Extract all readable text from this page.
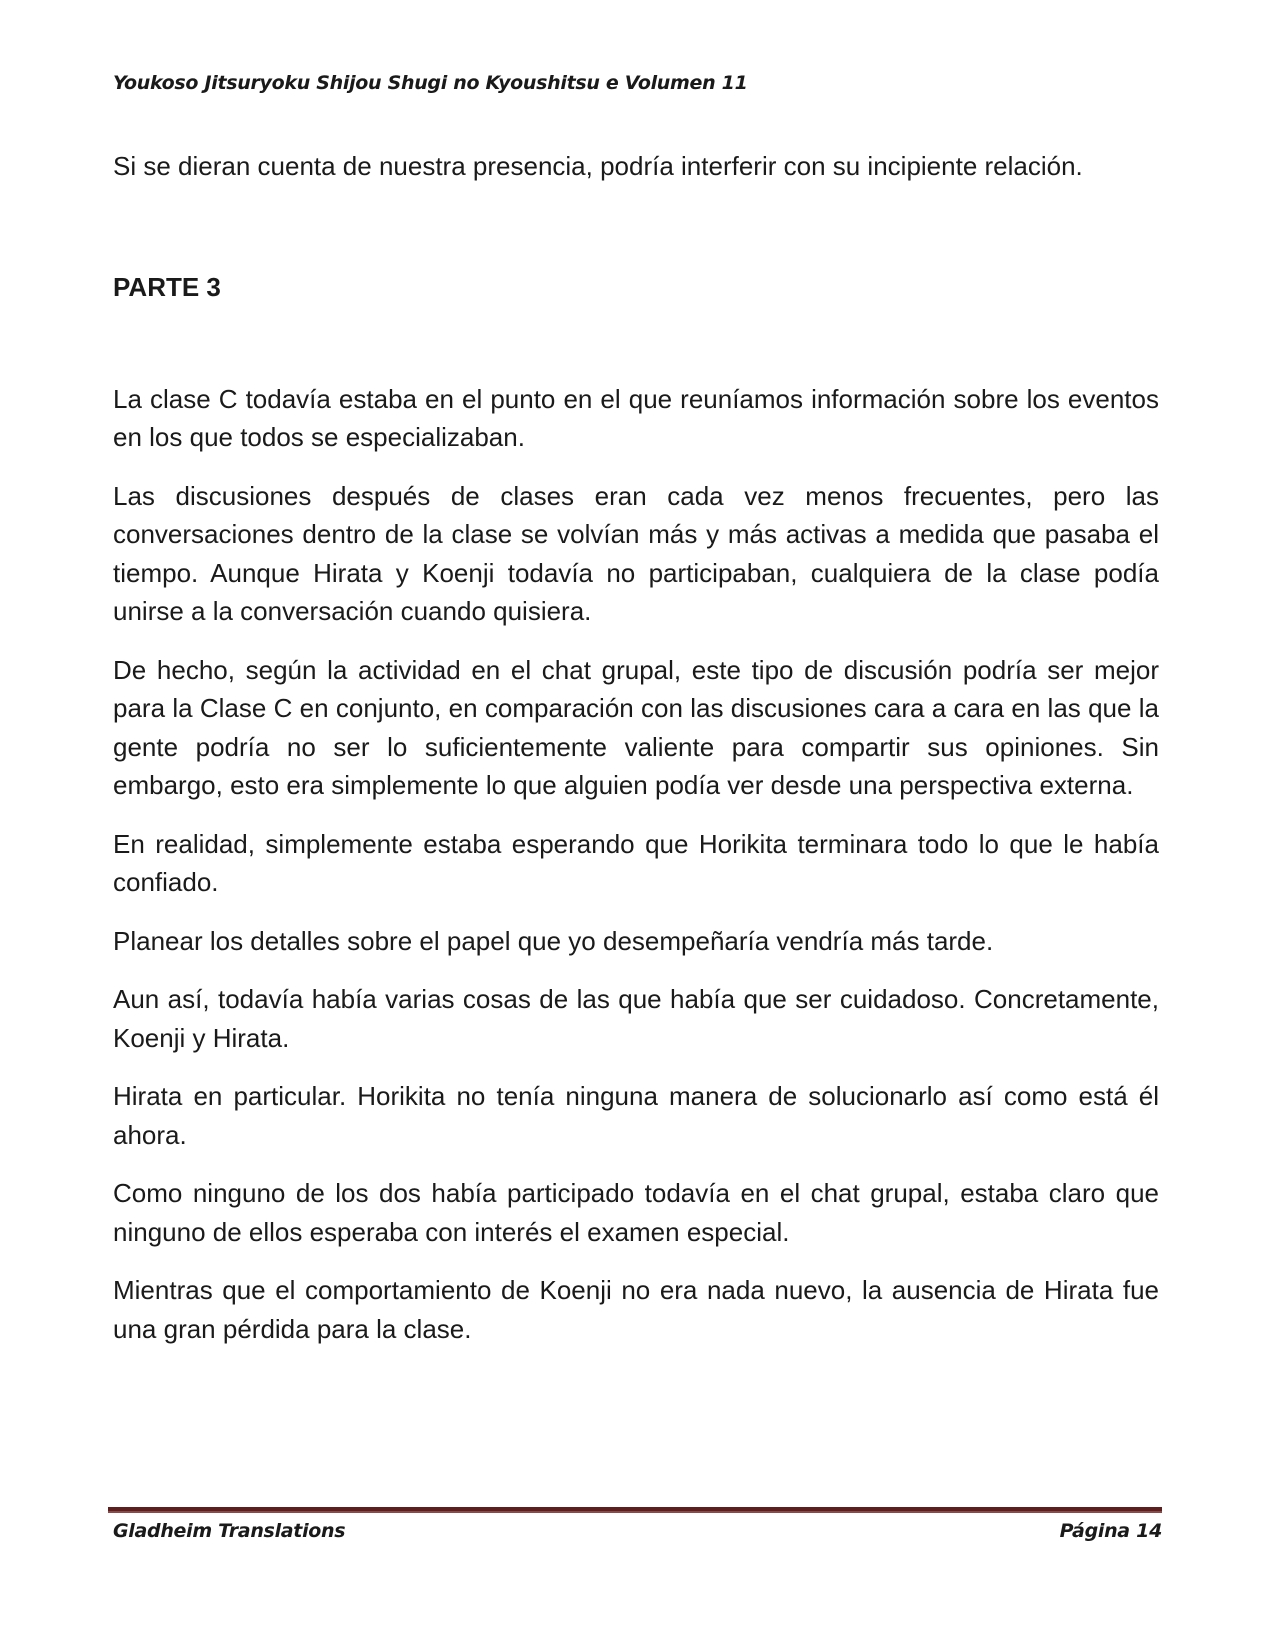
Youkoso Jitsuryoku Shijou Shugi no Kyoushitsu e Volumen 11

Si se dieran cuenta de nuestra presencia, podría interferir con su incipiente relación.

PARTE 3

La clase C todavía estaba en el punto en el que reuníamos información sobre los eventos en los que todos se especializaban.

Las discusiones después de clases eran cada vez menos frecuentes, pero las conversaciones dentro de la clase se volvían más y más activas a medida que pasaba el tiempo. Aunque Hirata y Koenji todavía no participaban, cualquiera de la clase podía unirse a la conversación cuando quisiera.

De hecho, según la actividad en el chat grupal, este tipo de discusión podría ser mejor para la Clase C en conjunto, en comparación con las discusiones cara a cara en las que la gente podría no ser lo suficientemente valiente para compartir sus opiniones. Sin embargo, esto era simplemente lo que alguien podía ver desde una perspectiva externa.

En realidad, simplemente estaba esperando que Horikita terminara todo lo que le había confiado.

Planear los detalles sobre el papel que yo desempeñaría vendría más tarde.

Aun así, todavía había varias cosas de las que había que ser cuidadoso. Concretamente, Koenji y Hirata.

Hirata en particular. Horikita no tenía ninguna manera de solucionarlo así como está él ahora.

Como ninguno de los dos había participado todavía en el chat grupal, estaba claro que ninguno de ellos esperaba con interés el examen especial.

Mientras que el comportamiento de Koenji no era nada nuevo, la ausencia de Hirata fue una gran pérdida para la clase.

Gladheim Translations	Página 14
